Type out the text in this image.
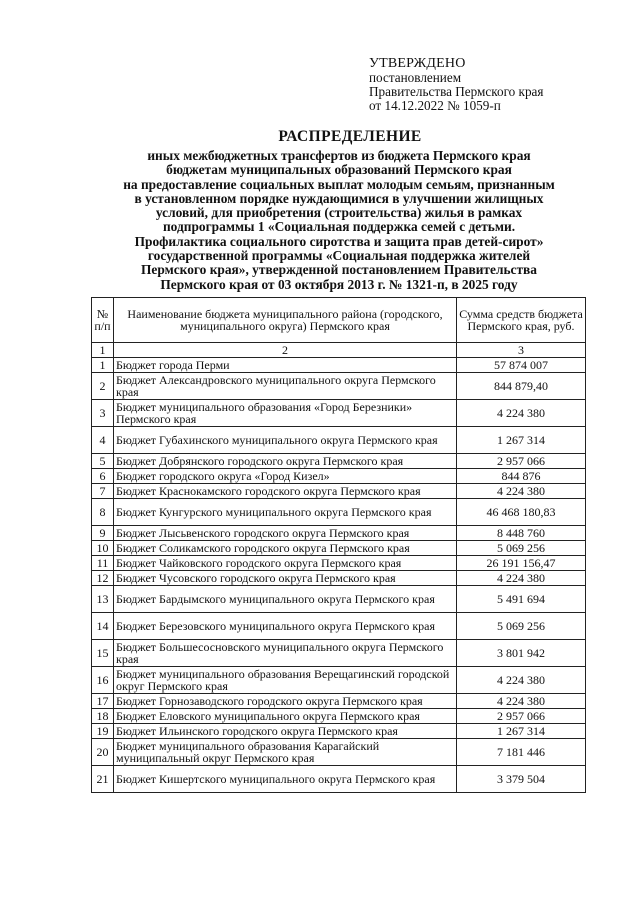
УТВЕРЖДЕНО
постановлением
Правительства Пермского края
от 14.12.2022 № 1059-п
РАСПРЕДЕЛЕНИЕ
иных межбюджетных трансфертов из бюджета Пермского края
бюджетам муниципальных образований Пермского края
на предоставление социальных выплат молодым семьям, признанным
в установленном порядке нуждающимися в улучшении жилищных
условий, для приобретения (строительства) жилья в рамках
подпрограммы 1 «Социальная поддержка семей с детьми.
Профилактика социального сиротства и защита прав детей-сирот»
государственной программы «Социальная поддержка жителей
Пермского края», утвержденной постановлением Правительства
Пермского края от 03 октября 2013 г. № 1321-п, в 2025 году
№ п/п	Наименование бюджета муниципального района (городского, муниципального округа) Пермского края	Сумма средств бюджета Пермского края, руб.
1	2	3
1	Бюджет города Перми	57 874 007
2	Бюджет Александровского муниципального округа Пермского края	844 879,40
3	Бюджет муниципального образования «Город Березники» Пермского края	4 224 380
4	Бюджет Губахинского муниципального округа Пермского края	1 267 314
5	Бюджет Добрянского городского округа Пермского края	2 957 066
6	Бюджет городского округа «Город Кизел»	844 876
7	Бюджет Краснокамского городского округа Пермского края	4 224 380
8	Бюджет Кунгурского муниципального округа Пермского края	46 468 180,83
9	Бюджет Лысьвенского городского округа Пермского края	8 448 760
10	Бюджет Соликамского городского округа Пермского края	5 069 256
11	Бюджет Чайковского городского округа Пермского края	26 191 156,47
12	Бюджет Чусовского городского округа Пермского края	4 224 380
13	Бюджет Бардымского муниципального округа Пермского края	5 491 694
14	Бюджет Березовского муниципального округа Пермского края	5 069 256
15	Бюджет Большесосновского муниципального округа Пермского края	3 801 942
16	Бюджет муниципального образования Верещагинский городской округ Пермского края	4 224 380
17	Бюджет Горнозаводского городского округа Пермского края	4 224 380
18	Бюджет Еловского муниципального округа Пермского края	2 957 066
19	Бюджет Ильинского городского округа Пермского края	1 267 314
20	Бюджет муниципального образования Карагайский муниципальный округ Пермского края	7 181 446
21	Бюджет Кишертского муниципального округа Пермского края	3 379 504
